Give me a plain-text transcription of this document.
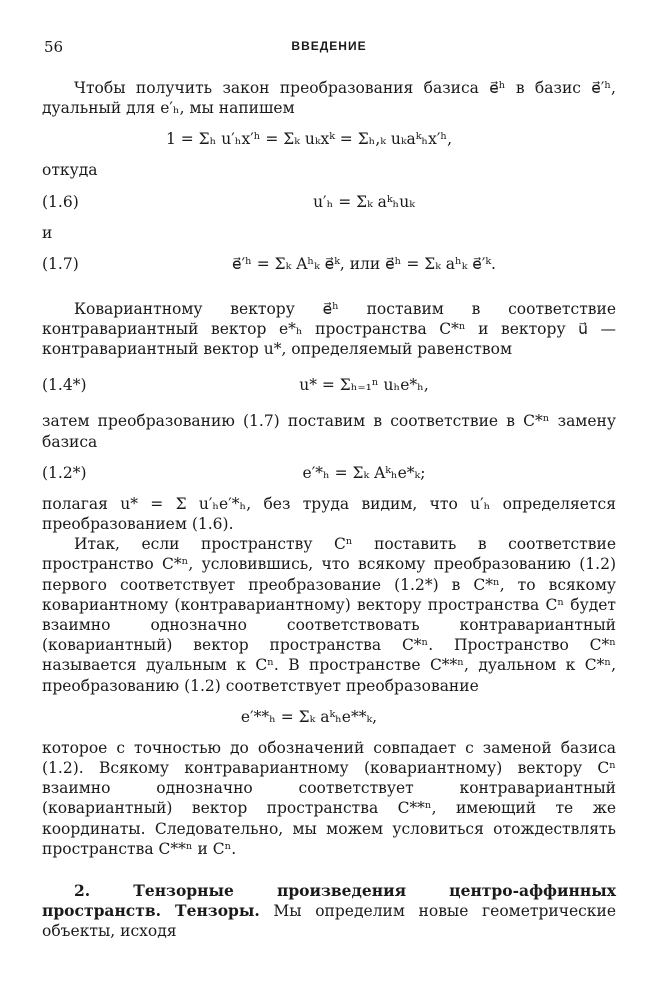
56	ВВЕДЕНИЕ

Чтобы получить закон преобразования базиса e⃗ʰ в базис e⃗′ʰ, дуальный для e′ₕ, мы напишем

1 = Σₕ u′ₕx′ʰ = Σₖ uₖxᵏ = Σₕ,ₖ uₖaᵏₕx′ʰ,

откуда

(1.6)	u′ₕ = Σₖ aᵏₕuₖ

и

(1.7)	e⃗′ʰ = Σₖ Aʰₖ e⃗ᵏ, или e⃗ʰ = Σₖ aʰₖ e⃗′ᵏ.

Ковариантному вектору e⃗ʰ поставим в соответствие контравариантный вектор e*ₕ пространства C*ⁿ и вектору u⃗ — контравариантный вектор u*, определяемый равенством

(1.4*)	u* = Σₕ₌₁ⁿ uₕe*ₕ,

затем преобразованию (1.7) поставим в соответствие в C*ⁿ замену базиса

(1.2*)	e′*ₕ = Σₖ Aᵏₕe*ₖ;

полагая u* = Σ u′ₕe′*ₕ, без труда видим, что u′ₕ определяется преобразованием (1.6).

Итак, если пространству Cⁿ поставить в соответствие пространство C*ⁿ, условившись, что всякому преобразованию (1.2) первого соответствует преобразование (1.2*) в C*ⁿ, то всякому ковариантному (контравариантному) вектору пространства Cⁿ будет взаимно однозначно соответствовать контравариантный (ковариантный) вектор пространства C*ⁿ. Пространство C*ⁿ называется дуальным к Cⁿ. В пространстве C**ⁿ, дуальном к C*ⁿ, преобразованию (1.2) соответствует преобразование

e′**ₕ = Σₖ aᵏₕe**ₖ,

которое с точностью до обозначений совпадает с заменой базиса (1.2). Всякому контравариантному (ковариантному) вектору Cⁿ взаимно однозначно соответствует контравариантный (ковариантный) вектор пространства C**ⁿ, имеющий те же координаты. Следовательно, мы можем условиться отождествлять пространства C**ⁿ и Cⁿ.

2. Тензорные произведения центро-аффинных пространств. Тензоры. Мы определим новые геометрические объекты, исходя
